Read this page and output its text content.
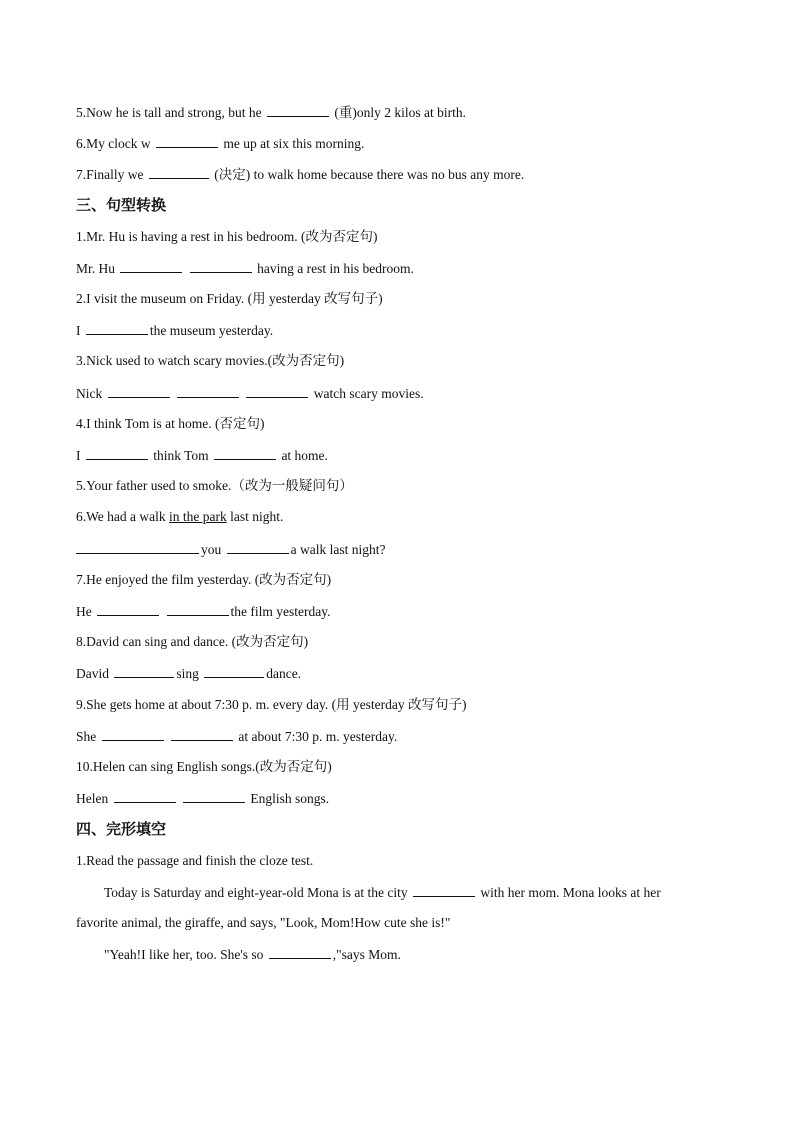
5.Now he is tall and strong, but he	(重)only 2 kilos at birth.
6.My clock w	me up at six this morning.
7.Finally we	(决定) to walk home because there was no bus any more.
三、句型转换
1.Mr. Hu is having a rest in his bedroom. (改为否定句)
Mr. Hu	having a rest in his bedroom.
2.I visit the museum on Friday. (用 yesterday 改写句子)
I	the museum yesterday.
3.Nick used to watch scary movies.(改为否定句)
Nick	watch scary movies.
4.I think Tom is at home. (否定句)
I	think Tom	at home.
5.Your father used to smoke.（改为一般疑问句）
6.We had a walk in the park last night.
you	a walk last night?
7.He enjoyed the film yesterday. (改为否定句)
He	the film yesterday.
8.David can sing and dance. (改为否定句)
David	sing	dance.
9.She gets home at about 7:30 p. m. every day. (用 yesterday 改写句子)
She	at about 7:30 p. m. yesterday.
10.Helen can sing English songs.(改为否定句)
Helen	English songs.
四、完形填空
1.Read the passage and finish the cloze test.
Today is Saturday and eight-year-old Mona is at the city	with her mom. Mona looks at her
favorite animal, the giraffe, and says, "Look, Mom!How cute she is!"
"Yeah!I like her, too. She's so	,"says Mom.
